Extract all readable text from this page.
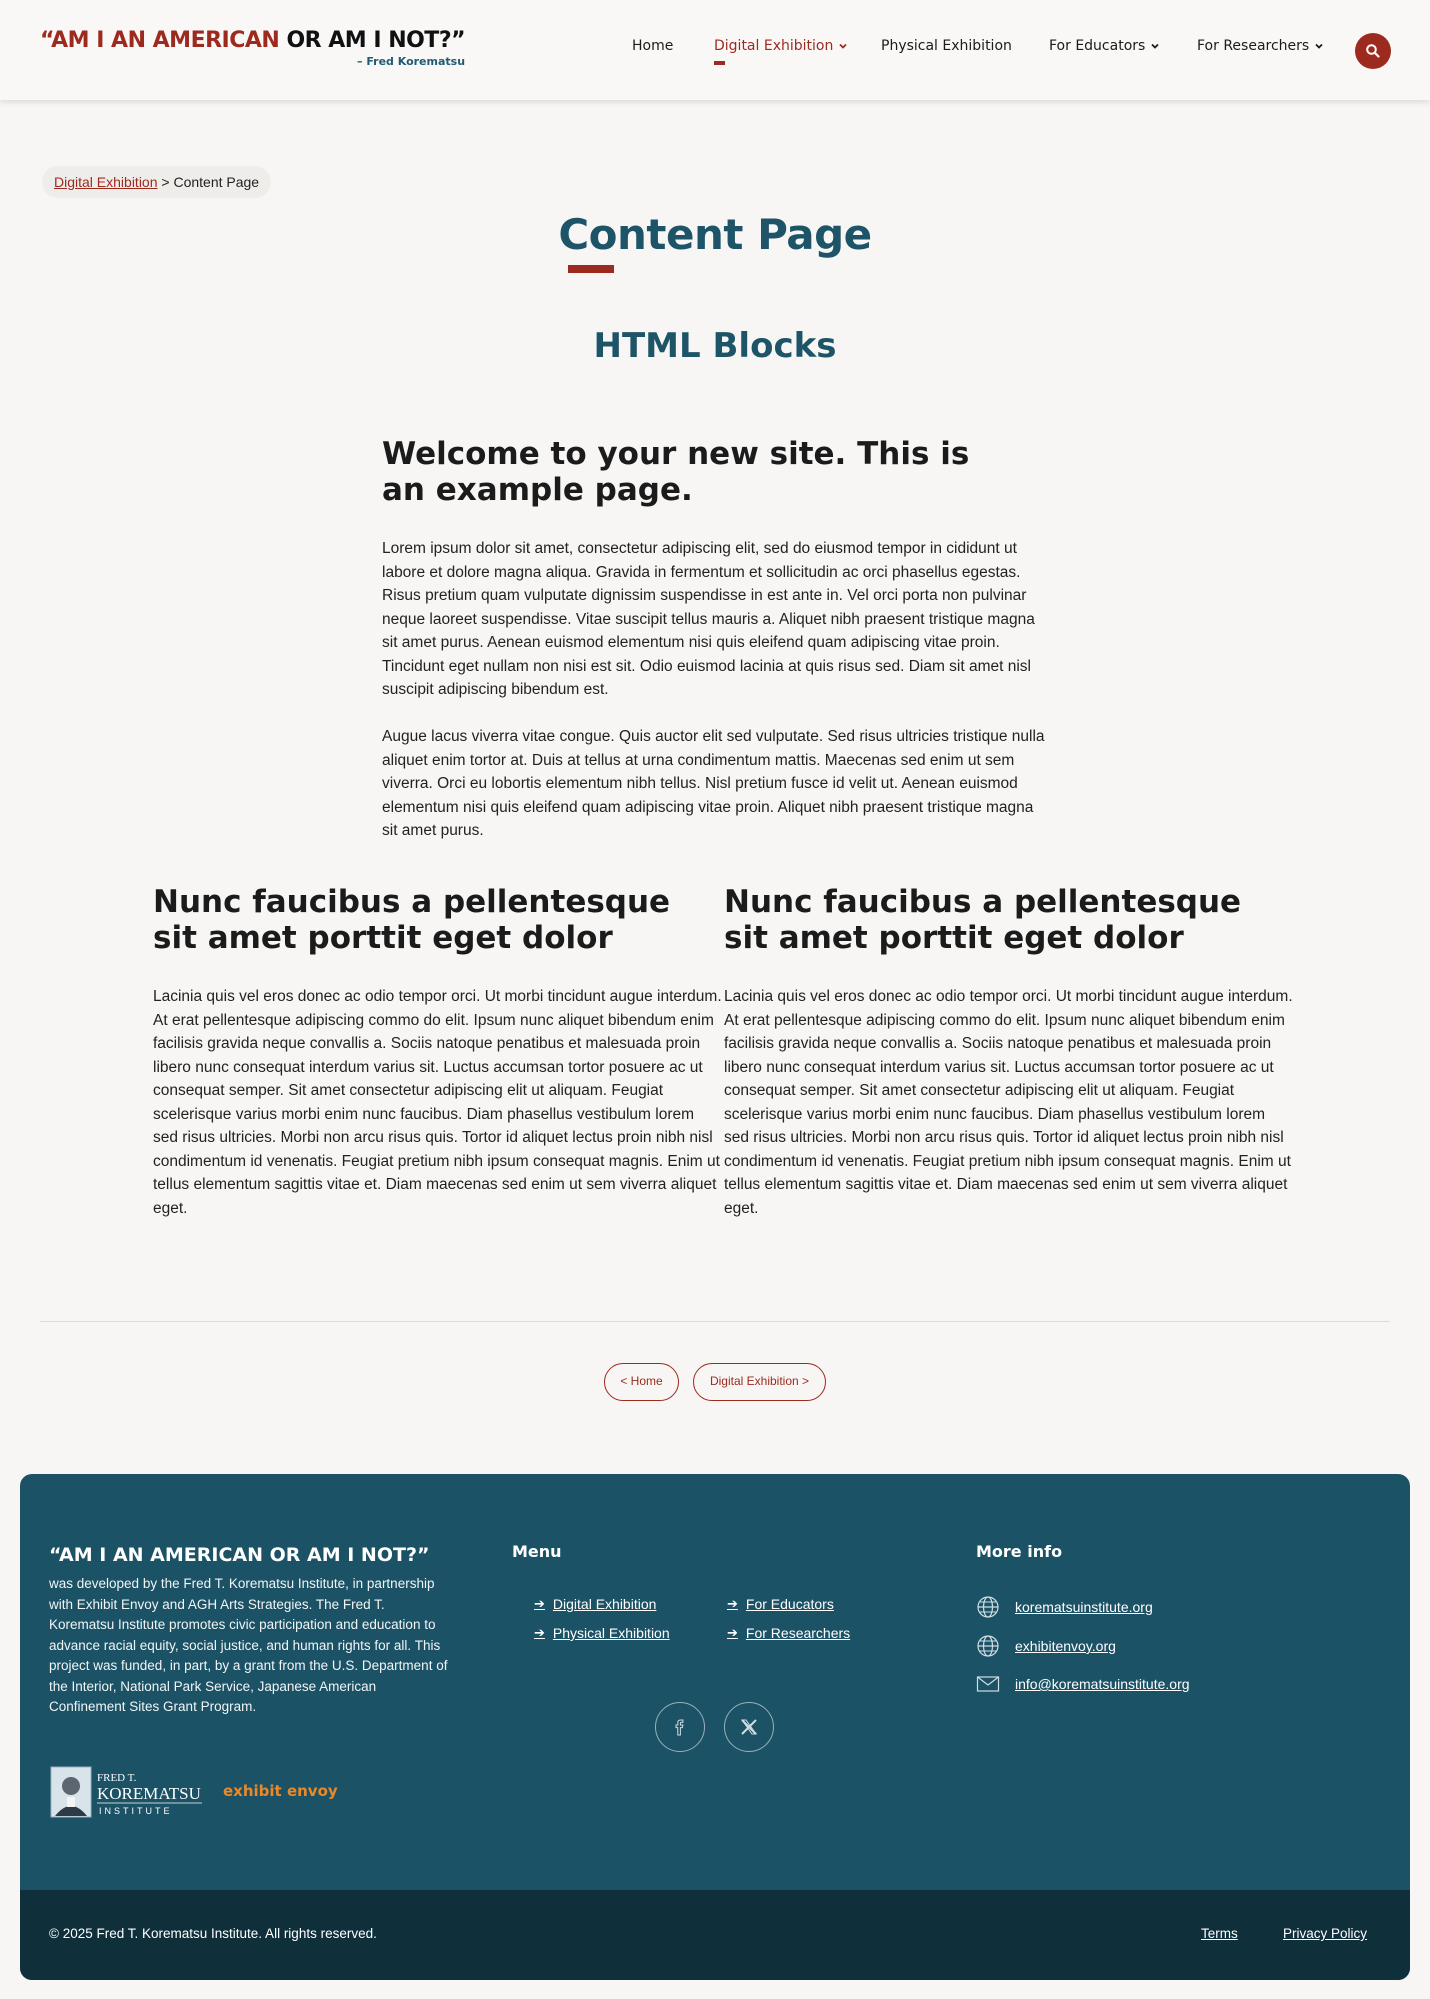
“AM I AN AMERICAN OR AM I NOT?”
– Fred Korematsu
Home	Digital Exhibition	Physical Exhibition	For Educators	For Researchers
Digital Exhibition > Content Page
Content Page
HTML Blocks
Welcome to your new site. This is an example page.

Lorem ipsum dolor sit amet, consectetur adipiscing elit, sed do eiusmod tempor in cididunt ut labore et dolore magna aliqua. Gravida in fermentum et sollicitudin ac orci phasellus egestas. Risus pretium quam vulputate dignissim suspendisse in est ante in. Vel orci porta non pulvinar neque laoreet suspendisse. Vitae suscipit tellus mauris a. Aliquet nibh praesent tristique magna sit amet purus. Aenean euismod elementum nisi quis eleifend quam adipiscing vitae proin. Tincidunt eget nullam non nisi est sit. Odio euismod lacinia at quis risus sed. Diam sit amet nisl suscipit adipiscing bibendum est.

Augue lacus viverra vitae congue. Quis auctor elit sed vulputate. Sed risus ultricies tristique nulla aliquet enim tortor at. Duis at tellus at urna condimentum mattis. Maecenas sed enim ut sem viverra. Orci eu lobortis elementum nibh tellus. Nisl pretium fusce id velit ut. Aenean euismod elementum nisi quis eleifend quam adipiscing vitae proin. Aliquet nibh praesent tristique magna sit amet purus.

Nunc faucibus a pellentesque sit amet porttit eget dolor
Nunc faucibus a pellentesque sit amet porttit eget dolor

Lacinia quis vel eros donec ac odio tempor orci. Ut morbi tincidunt augue interdum. At erat pellentesque adipiscing commo do elit. Ipsum nunc aliquet bibendum enim facilisis gravida neque convallis a. Sociis natoque penatibus et malesuada proin libero nunc consequat interdum varius sit. Luctus accumsan tortor posuere ac ut consequat semper. Sit amet consectetur adipiscing elit ut aliquam. Feugiat scelerisque varius morbi enim nunc faucibus. Diam phasellus vestibulum lorem sed risus ultricies. Morbi non arcu risus quis. Tortor id aliquet lectus proin nibh nisl condimentum id venenatis. Feugiat pretium nibh ipsum consequat magnis. Enim ut tellus elementum sagittis vitae et. Diam maecenas sed enim ut sem viverra aliquet eget.

Lacinia quis vel eros donec ac odio tempor orci. Ut morbi tincidunt augue interdum. At erat pellentesque adipiscing commo do elit. Ipsum nunc aliquet bibendum enim facilisis gravida neque convallis a. Sociis natoque penatibus et malesuada proin libero nunc consequat interdum varius sit. Luctus accumsan tortor posuere ac ut consequat semper. Sit amet consectetur adipiscing elit ut aliquam. Feugiat scelerisque varius morbi enim nunc faucibus. Diam phasellus vestibulum lorem sed risus ultricies. Morbi non arcu risus quis. Tortor id aliquet lectus proin nibh nisl condimentum id venenatis. Feugiat pretium nibh ipsum consequat magnis. Enim ut tellus elementum sagittis vitae et. Diam maecenas sed enim ut sem viverra aliquet eget.

< Home	Digital Exhibition >
“AM I AN AMERICAN OR AM I NOT?”

was developed by the Fred T. Korematsu Institute, in partnership with Exhibit Envoy and AGH Arts Strategies. The Fred T. Korematsu Institute promotes civic participation and education to advance racial equity, social justice, and human rights for all. This project was funded, in part, by a grant from the U.S. Department of the Interior, National Park Service, Japanese American Confinement Sites Grant Program.

FRED T.
KOREMATSU
INSTITUTE
exhibit envoy
Menu
➔ Digital Exhibition
➔ Physical Exhibition
➔ For Educators
➔ For Researchers
More info
korematsuinstitute.org
exhibitenvoy.org
info@korematsuinstitute.org
© 2025 Fred T. Korematsu Institute. All rights reserved.	Terms	Privacy Policy
